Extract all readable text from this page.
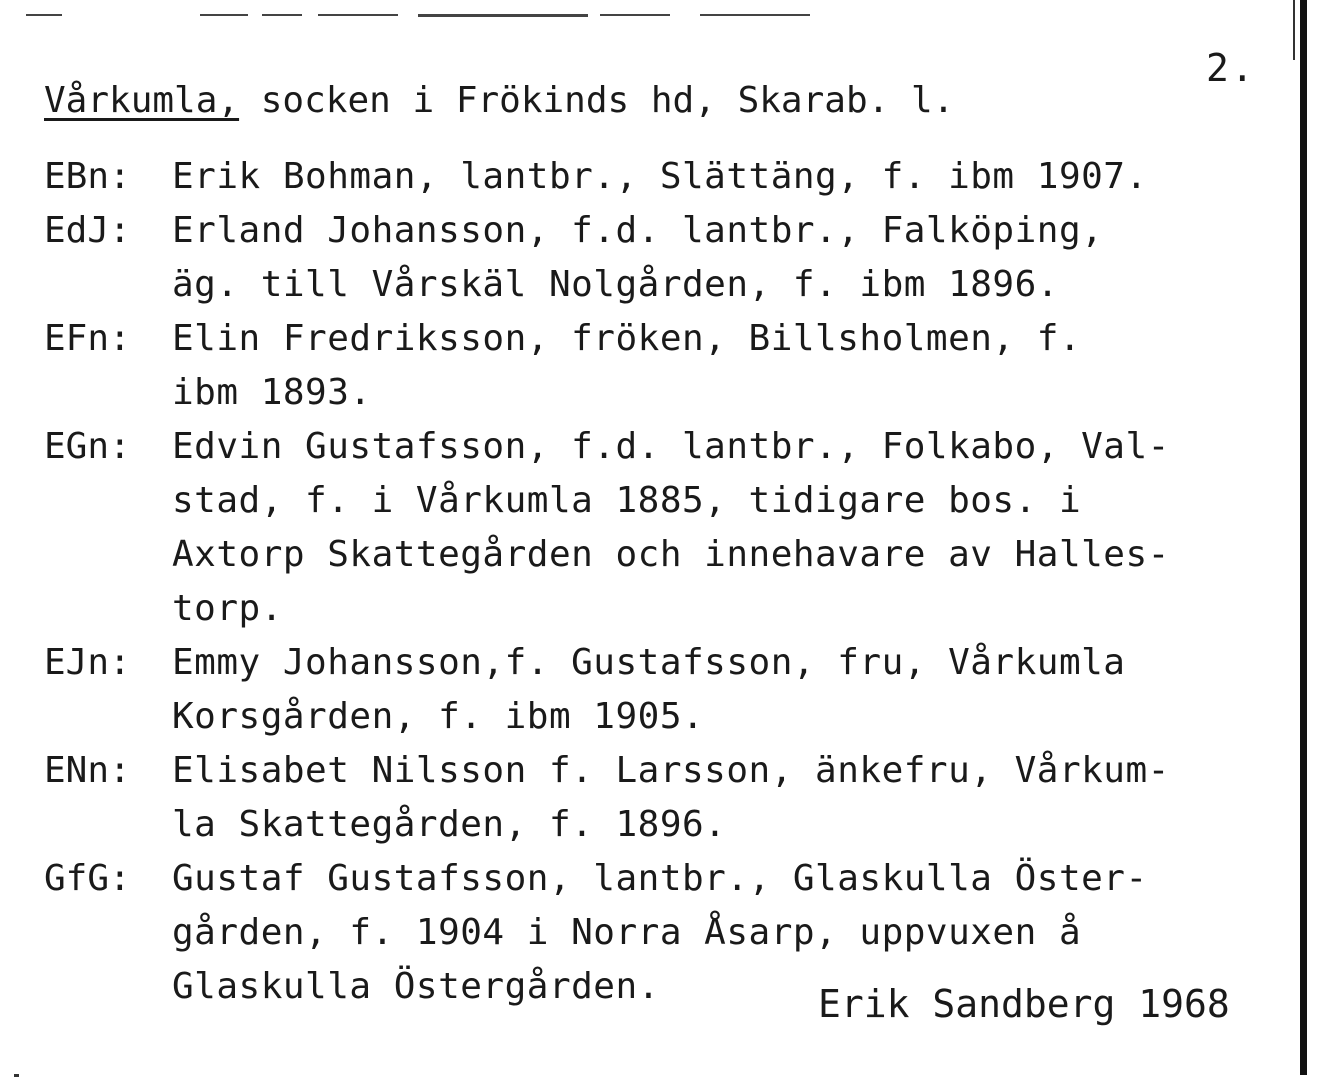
2.
Vårkumla, socken i Frökinds hd, Skarab. l.
EBn:	Erik Bohman, lantbr., Slättäng, f. ibm 1907.
EdJ:	Erland Johansson, f.d. lantbr., Falköping,
äg. till Vårskäl Nolgården, f. ibm 1896.
EFn:	Elin Fredriksson, fröken, Billsholmen, f.
ibm 1893.
EGn:	Edvin Gustafsson, f.d. lantbr., Folkabo, Val-
stad, f. i Vårkumla 1885, tidigare bos. i
Axtorp Skattegården och innehavare av Halles-
torp.
EJn:	Emmy Johansson,f. Gustafsson, fru, Vårkumla
Korsgården, f. ibm 1905.
ENn:	Elisabet Nilsson f. Larsson, änkefru, Vårkum-
la Skattegården, f. 1896.
GfG:	Gustaf Gustafsson, lantbr., Glaskulla Öster-
gården, f. 1904 i Norra Åsarp, uppvuxen å
Glaskulla Östergården.	Erik Sandberg 1968
